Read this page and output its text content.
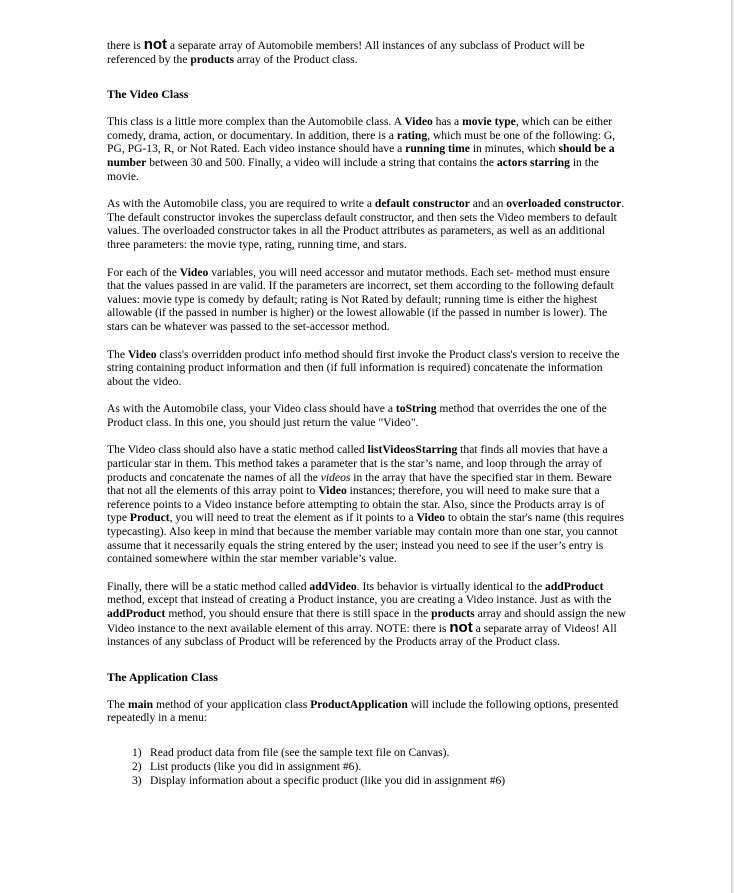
there is not a separate array of Automobile members! All instances of any subclass of Product will be referenced by the products array of the Product class.

The Video Class

This class is a little more complex than the Automobile class. A Video has a movie type, which can be either comedy, drama, action, or documentary. In addition, there is a rating, which must be one of the following: G, PG, PG-13, R, or Not Rated. Each video instance should have a running time in minutes, which should be a number between 30 and 500. Finally, a video will include a string that contains the actors starring in the movie.

As with the Automobile class, you are required to write a default constructor and an overloaded constructor. The default constructor invokes the superclass default constructor, and then sets the Video members to default values. The overloaded constructor takes in all the Product attributes as parameters, as well as an additional three parameters: the movie type, rating, running time, and stars.

For each of the Video variables, you will need accessor and mutator methods. Each set- method must ensure that the values passed in are valid. If the parameters are incorrect, set them according to the following default values: movie type is comedy by default; rating is Not Rated by default; running time is either the highest allowable (if the passed in number is higher) or the lowest allowable (if the passed in number is lower). The stars can be whatever was passed to the set-accessor method.

The Video class's overridden product info method should first invoke the Product class's version to receive the string containing product information and then (if full information is required) concatenate the information about the video.

As with the Automobile class, your Video class should have a toString method that overrides the one of the Product class. In this one, you should just return the value "Video".

The Video class should also have a static method called listVideosStarring that finds all movies that have a particular star in them. This method takes a parameter that is the star’s name, and loop through the array of products and concatenate the names of all the videos in the array that have the specified star in them. Beware that not all the elements of this array point to Video instances; therefore, you will need to make sure that a reference points to a Video instance before attempting to obtain the star. Also, since the Products array is of type Product, you will need to treat the element as if it points to a Video to obtain the star's name (this requires typecasting). Also keep in mind that because the member variable may contain more than one star, you cannot assume that it necessarily equals the string entered by the user; instead you need to see if the user’s entry is contained somewhere within the star member variable’s value.

Finally, there will be a static method called addVideo. Its behavior is virtually identical to the addProduct method, except that instead of creating a Product instance, you are creating a Video instance. Just as with the addProduct method, you should ensure that there is still space in the products array and should assign the new Video instance to the next available element of this array. NOTE: there is not a separate array of Videos! All instances of any subclass of Product will be referenced by the Products array of the Product class.

The Application Class

The main method of your application class ProductApplication will include the following options, presented repeatedly in a menu:

1) Read product data from file (see the sample text file on Canvas).
2) List products (like you did in assignment #6).
3) Display information about a specific product (like you did in assignment #6)
